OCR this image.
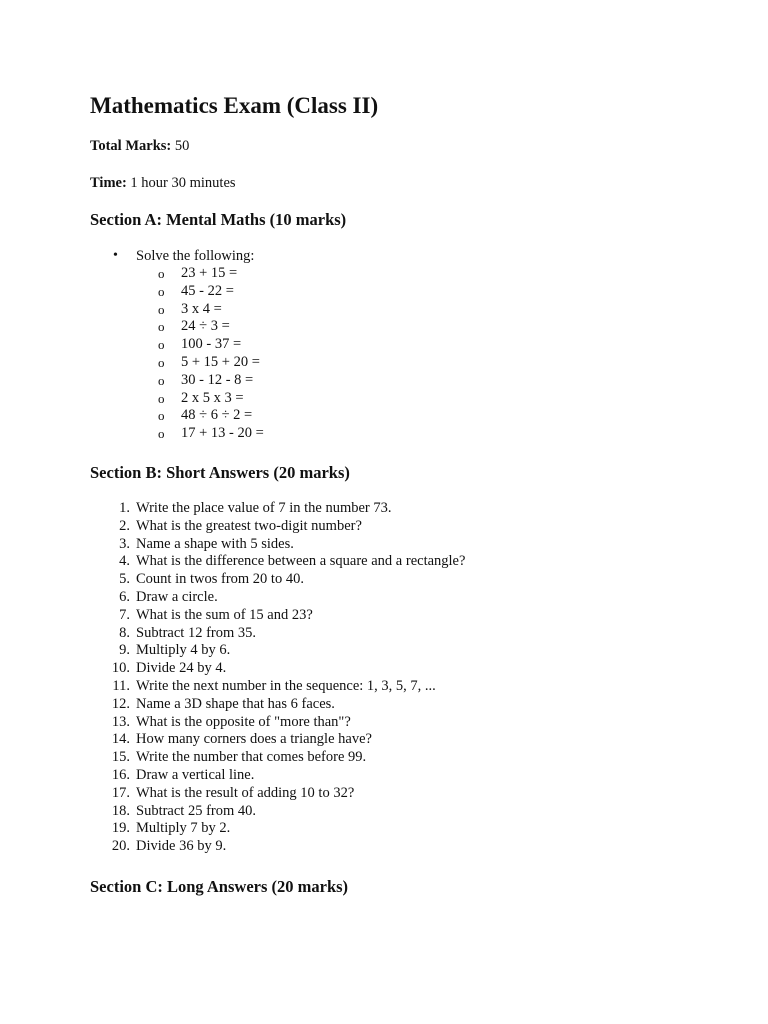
Mathematics Exam (Class II)

Total Marks: 50

Time: 1 hour 30 minutes

Section A: Mental Maths (10 marks)
• Solve the following:
o 23 + 15 =
o 45 - 22 =
o 3 x 4 =
o 24 ÷ 3 =
o 100 - 37 =
o 5 + 15 + 20 =
o 30 - 12 - 8 =
o 2 x 5 x 3 =
o 48 ÷ 6 ÷ 2 =
o 17 + 13 - 20 =
Section B: Short Answers (20 marks)
1. Write the place value of 7 in the number 73.
2. What is the greatest two-digit number?
3. Name a shape with 5 sides.
4. What is the difference between a square and a rectangle?
5. Count in twos from 20 to 40.
6. Draw a circle.
7. What is the sum of 15 and 23?
8. Subtract 12 from 35.
9. Multiply 4 by 6.
10. Divide 24 by 4.
11. Write the next number in the sequence: 1, 3, 5, 7, ...
12. Name a 3D shape that has 6 faces.
13. What is the opposite of "more than"?
14. How many corners does a triangle have?
15. Write the number that comes before 99.
16. Draw a vertical line.
17. What is the result of adding 10 to 32?
18. Subtract 25 from 40.
19. Multiply 7 by 2.
20. Divide 36 by 9.
Section C: Long Answers (20 marks)
